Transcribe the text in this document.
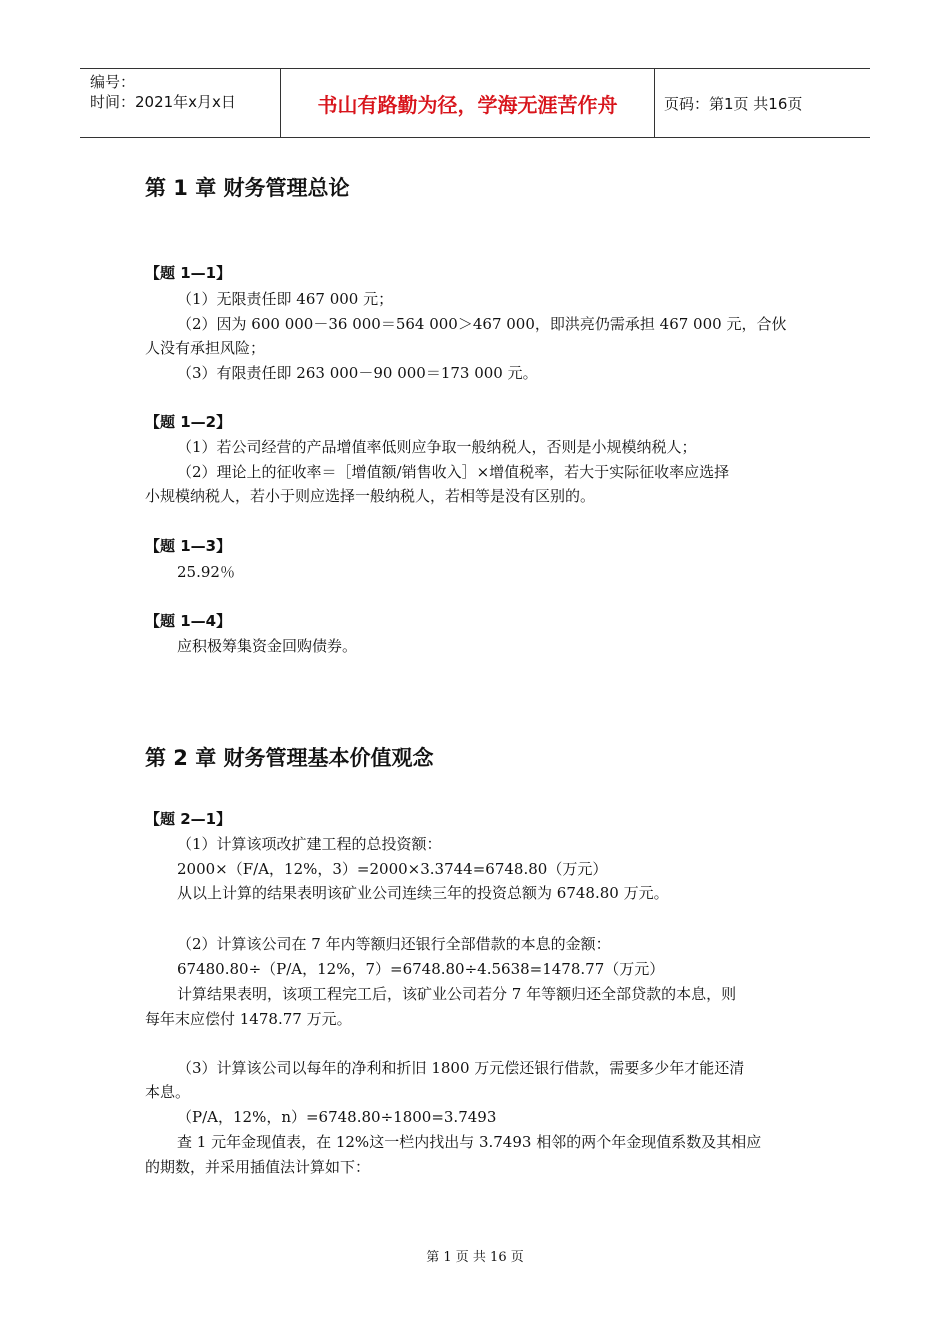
编号：
时间：2021年x月x日	书山有路勤为径，学海无涯苦作舟	页码：第1页 共16页
第 1 章 财务管理总论
【题 1—1】
（1）无限责任即 467 000 元；
（2）因为 600 000－36 000＝564 000＞467 000，即洪亮仍需承担 467 000 元，合伙
人没有承担风险；
（3）有限责任即 263 000－90 000＝173 000 元。
【题 1—2】
（1）若公司经营的产品增值率低则应争取一般纳税人，否则是小规模纳税人；
（2）理论上的征收率＝［增值额/销售收入］×增值税率，若大于实际征收率应选择
小规模纳税人，若小于则应选择一般纳税人，若相等是没有区别的。
【题 1—3】
25.92％
【题 1—4】
应积极筹集资金回购债券。
第 2 章 财务管理基本价值观念
【题 2—1】
（1）计算该项改扩建工程的总投资额：
2000×（F/A，12%，3）=2000×3.3744=6748.80（万元）
从以上计算的结果表明该矿业公司连续三年的投资总额为 6748.80 万元。
（2）计算该公司在 7 年内等额归还银行全部借款的本息的金额：
67480.80÷（P/A，12%，7）=6748.80÷4.5638=1478.77（万元）
计算结果表明，该项工程完工后，该矿业公司若分 7 年等额归还全部贷款的本息，则
每年末应偿付 1478.77 万元。
（3）计算该公司以每年的净利和折旧 1800 万元偿还银行借款，需要多少年才能还清
本息。
（P/A，12%，n）=6748.80÷1800=3.7493
查 1 元年金现值表，在 12%这一栏内找出与 3.7493 相邻的两个年金现值系数及其相应
的期数，并采用插值法计算如下：
第 1 页 共 16 页
